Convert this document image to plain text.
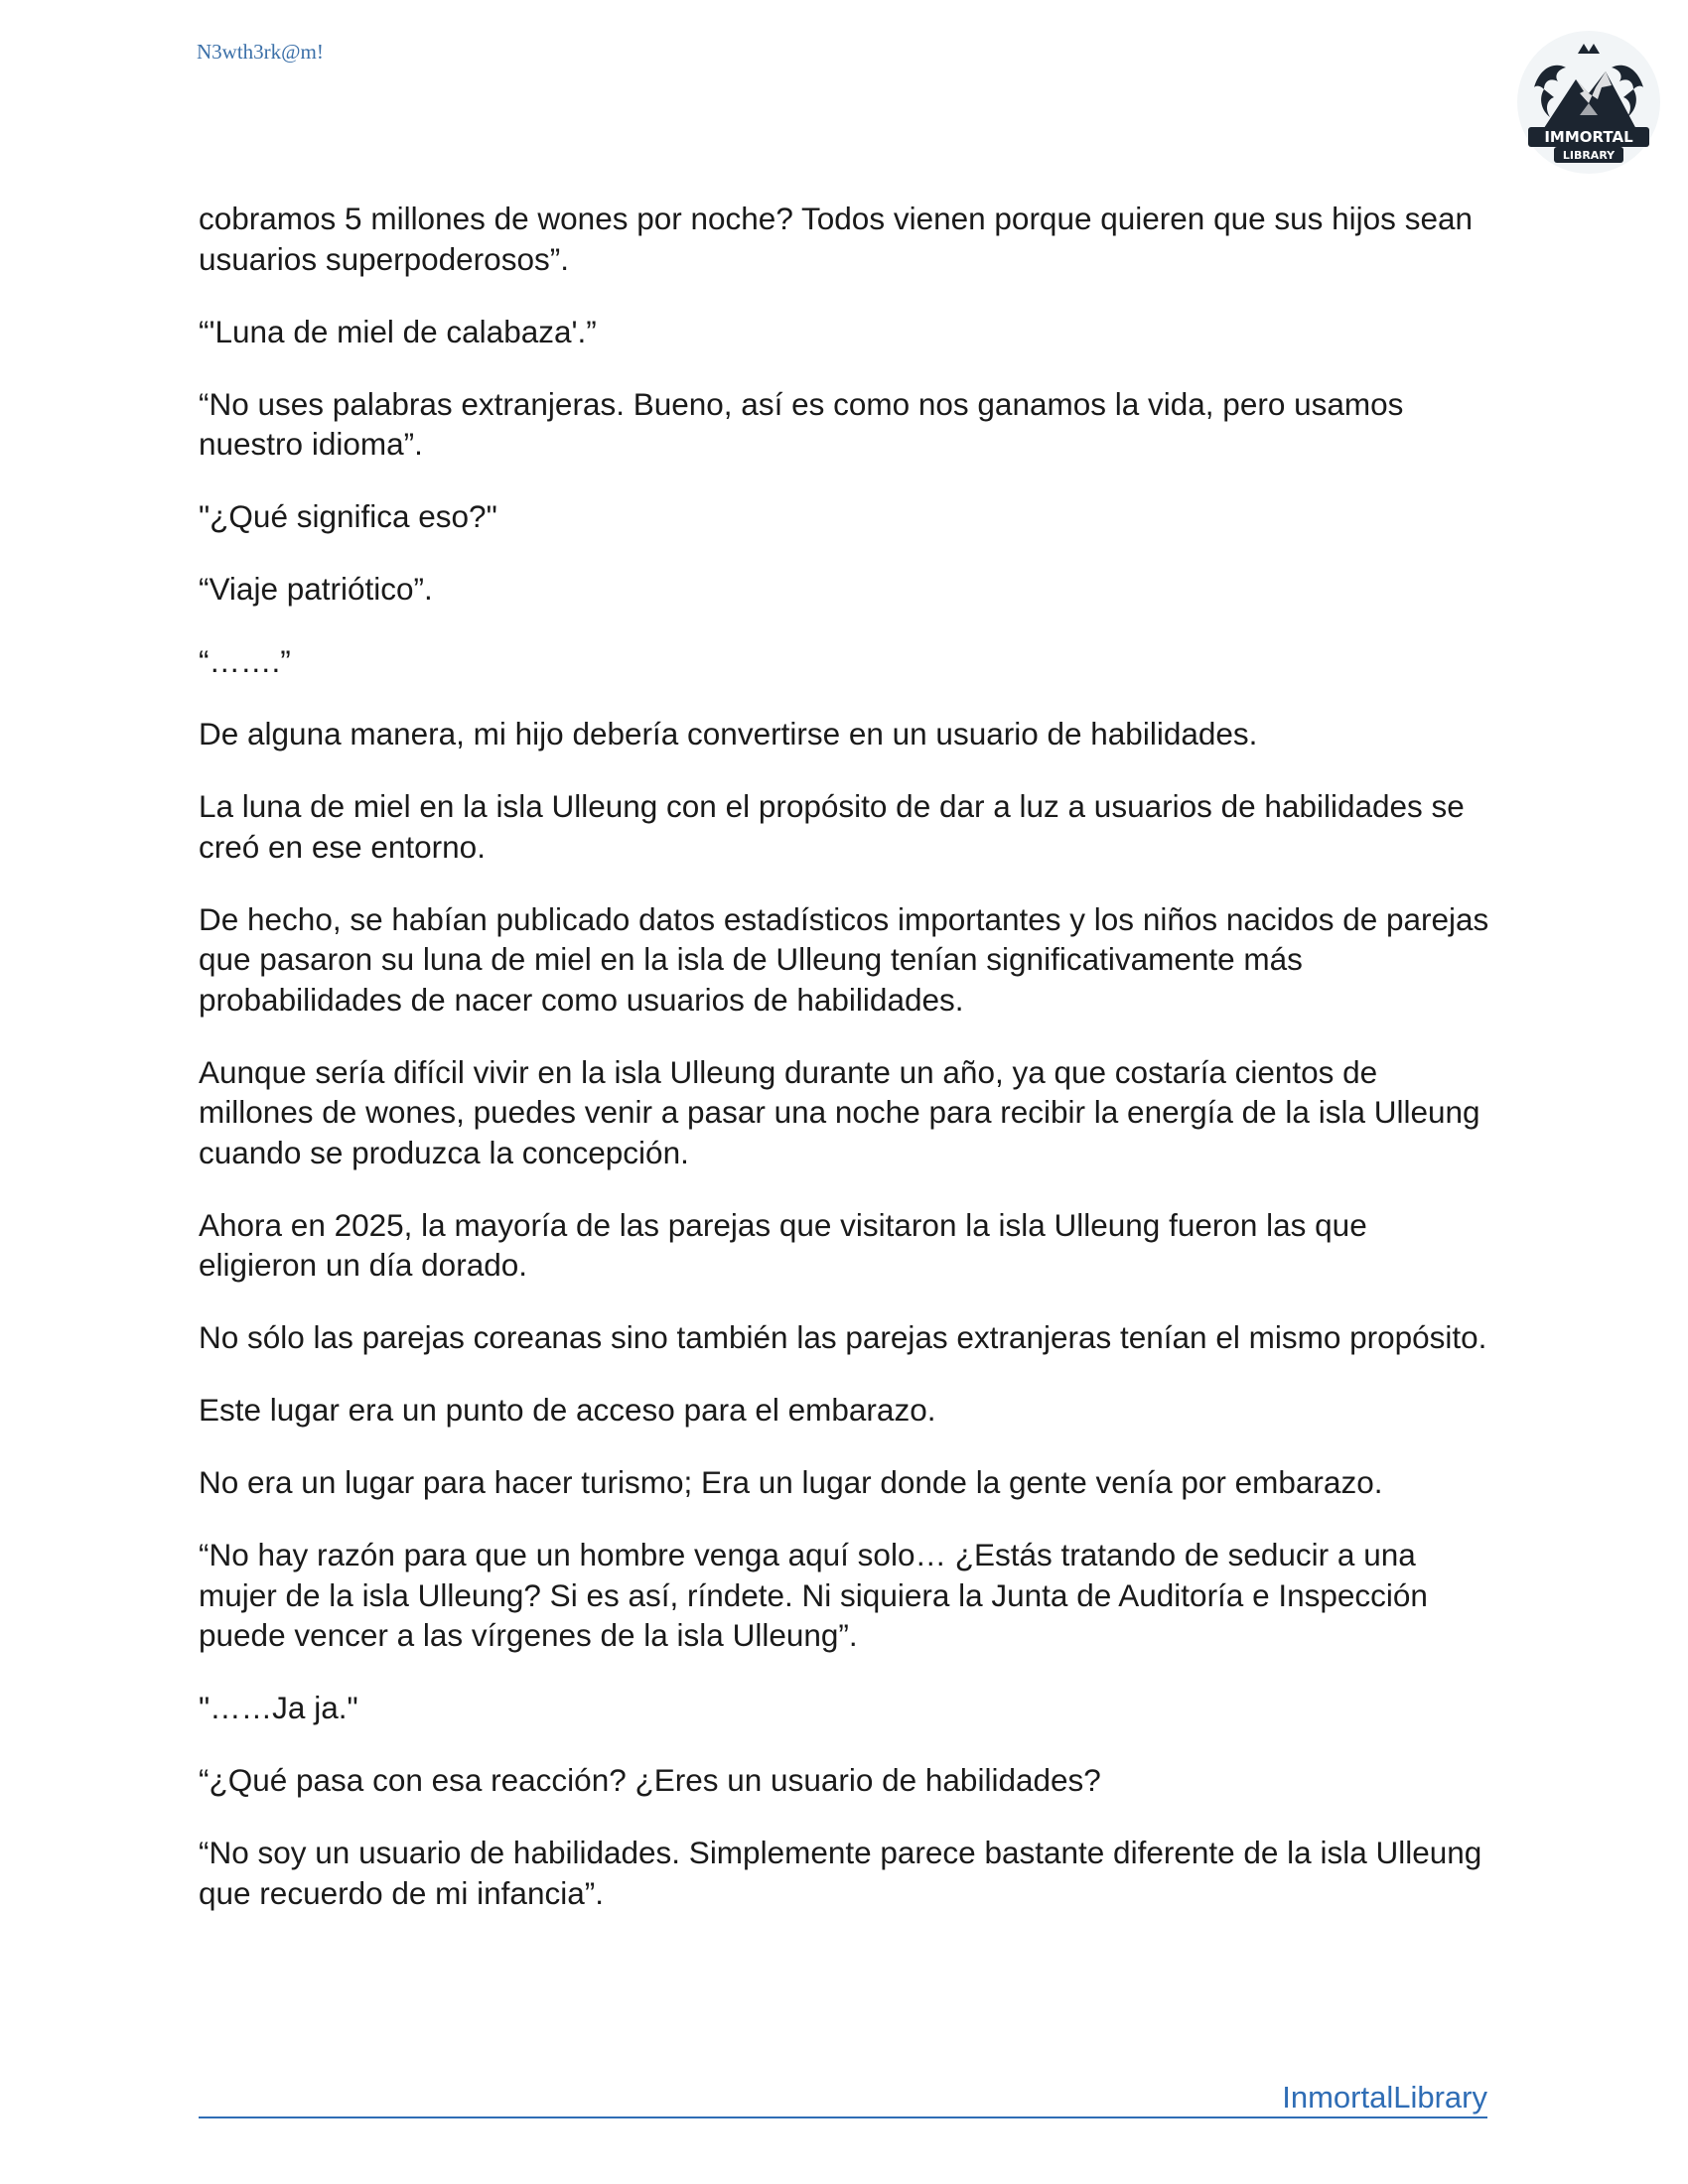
N3wth3rk@m!
IMMORTAL
LIBRARY

cobramos 5 millones de wones por noche? Todos vienen porque quieren que sus hijos sean usuarios superpoderosos”.

“'Luna de miel de calabaza'.”

“No uses palabras extranjeras. Bueno, así es como nos ganamos la vida, pero usamos nuestro idioma”.

"¿Qué significa eso?"

“Viaje patriótico”.

“…….”

De alguna manera, mi hijo debería convertirse en un usuario de habilidades.

La luna de miel en la isla Ulleung con el propósito de dar a luz a usuarios de habilidades se creó en ese entorno.

De hecho, se habían publicado datos estadísticos importantes y los niños nacidos de parejas que pasaron su luna de miel en la isla de Ulleung tenían significativamente más probabilidades de nacer como usuarios de habilidades.

Aunque sería difícil vivir en la isla Ulleung durante un año, ya que costaría cientos de millones de wones, puedes venir a pasar una noche para recibir la energía de la isla Ulleung cuando se produzca la concepción.

Ahora en 2025, la mayoría de las parejas que visitaron la isla Ulleung fueron las que eligieron un día dorado.

No sólo las parejas coreanas sino también las parejas extranjeras tenían el mismo propósito.

Este lugar era un punto de acceso para el embarazo.

No era un lugar para hacer turismo; Era un lugar donde la gente venía por embarazo.

“No hay razón para que un hombre venga aquí solo… ¿Estás tratando de seducir a una mujer de la isla Ulleung? Si es así, ríndete. Ni siquiera la Junta de Auditoría e Inspección puede vencer a las vírgenes de la isla Ulleung”.

"……Ja ja."

“¿Qué pasa con esa reacción? ¿Eres un usuario de habilidades?

“No soy un usuario de habilidades. Simplemente parece bastante diferente de la isla Ulleung que recuerdo de mi infancia”.

InmortalLibrary
